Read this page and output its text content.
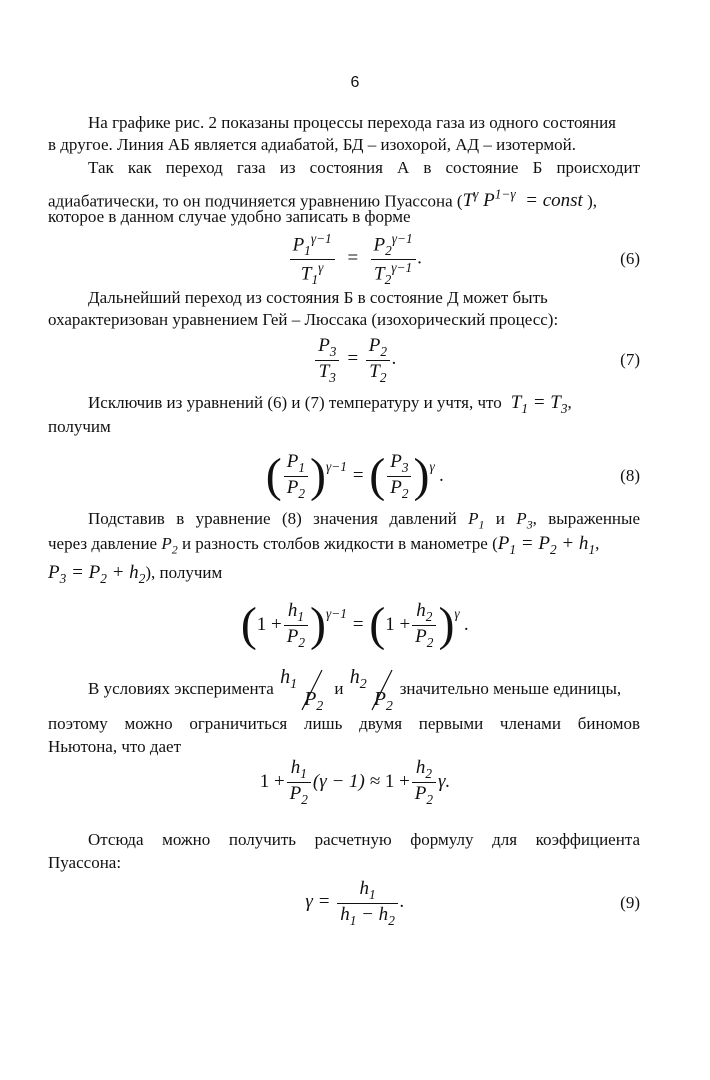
6
На графике рис. 2 показаны процессы перехода газа из одного состояния
в другое. Линия АБ является адиабатой, БД – изохорой, АД – изотермой.
Так как переход газа из состояния А в состояние Б происходит
адиабатически, то он подчиняется уравнению Пуассона ($T^\gamma$ $P^{1-\gamma}$  = const ),
которое в данном случае удобно записать в форме
$\frac{P_1^{\gamma-1}}{T_1^\gamma} = \frac{P_2^{\gamma-1}}{T_2^{\gamma-1}}$ .	(6)
Дальнейший переход из состояния Б в состояние Д может быть
охарактеризован уравнением Гей – Люссака (изохорический процесс):
$\frac{P_3}{T_3} = \frac{P_2}{T_2}$ .	(7)
Исключив из уравнений (6) и (7) температуру и учтя, что  $T_1 = T_3$,
получим
( $\frac{P_1}{P_2} )^{\gamma-1}$ = ( $\frac{P_3}{P_2} )^\gamma$ .	(8)
Подставив в уравнение (8) значения давлений $P_1$ и $P_3$, выраженные
через давление $P_2$ и разность столбов жидкости в манометре ($P_1 = P_2 + h_1$,
$P_3 = P_2 + h_2$), получим
( $1 + \frac{h_1}{P_2} )^{\gamma-1}$
= ( $1 + \frac{h_2}{P_2} )^\gamma$
.
В условиях эксперимента

$h_1$
$P_2$

и

$h_2$
$P_2$
значительно меньше единицы,
поэтому можно ограничиться лишь двумя первыми членами биномов
Ньютона, что дает
$1 + \frac{h_1}{P_2} (\gamma - 1) \approx 1 + \frac{h_2}{P_2} \gamma$.
Отсюда можно получить расчетную формулу для коэффициента
Пуассона:
$\gamma = \frac{h_1}{h_1 - h_2}$ .	(9)
